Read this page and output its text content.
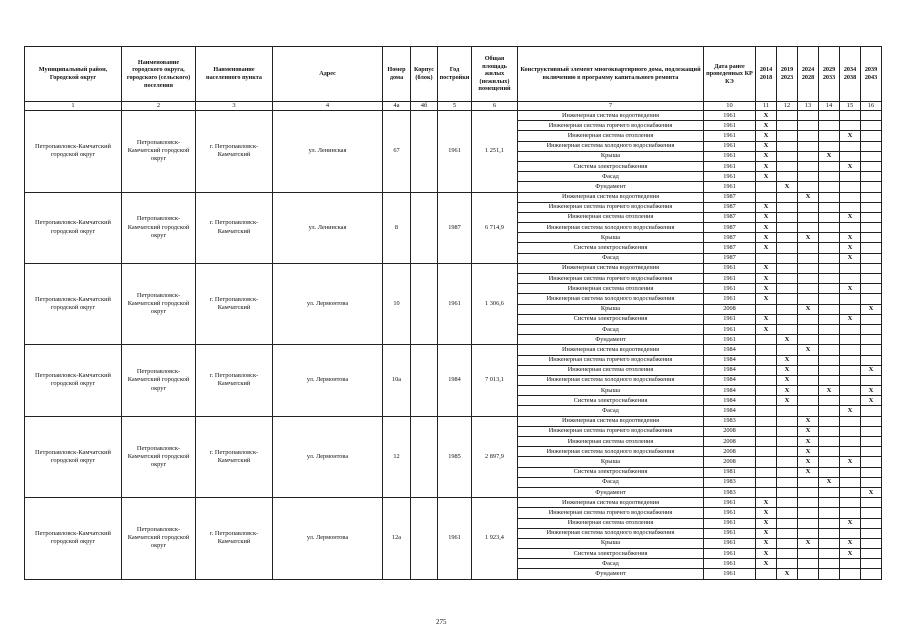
Муниципальный район, Городской округ	Наименование городского округа, городского (сельского) поселения	Наименование населенного пункта	Адрес	Номер дома	Корпус (блок)	Год постройки	Общая площадь жилых (нежилых) помещений	Конструктивный элемент многоквартирного дома, подлежащий включению в программу капитального ремонта	Дата ранее проведенных КР КЭ	2014 2018	2019 2023	2024 2028	2029 2033	2034 2038	2039 2043
1	2	3	4	4а	4б	5	6	7	10	11	12	13	14	15	16
Петропавловск-Камчатский городской округ	Петропавловск-Камчатский городской округ	г. Петропавловск-Камчатский	ул. Ленинская	67		1961	1 251,1	Инженерная система водоотведения	1961	X					
								Инженерная система горячего водоснабжения	1961	X					
								Инженерная система отопления	1961	X				X	
								Инженерная система холодного водоснабжения	1961	X					
								Крыша	1961	X			X		
								Система электроснабжения	1961	X				X	
								Фасад	1961	X					
								Фундамент	1961		X				
Петропавловск-Камчатский городской округ	Петропавловск-Камчатский городской округ	г. Петропавловск-Камчатский	ул. Ленинская	8		1987	6 714,9	Инженерная система водоотведения	1987			X			
								Инженерная система горячего водоснабжения	1987	X					
								Инженерная система отопления	1987	X				X	
								Инженерная система холодного водоснабжения	1987	X					
								Крыша	1987	X		X		X	
								Система электроснабжения	1987	X				X	
								Фасад	1987					X	
Петропавловск-Камчатский городской округ	Петропавловск-Камчатский городской округ	г. Петропавловск-Камчатский	ул. Лермонтова	10		1961	1 306,6	Инженерная система водоотведения	1961	X					
								Инженерная система горячего водоснабжения	1961	X					
								Инженерная система отопления	1961	X				X	
								Инженерная система холодного водоснабжения	1961	X					
								Крыша	2008			X			X
								Система электроснабжения	1961	X				X	
								Фасад	1961	X					
								Фундамент	1961		X				
Петропавловск-Камчатский городской округ	Петропавловск-Камчатский городской округ	г. Петропавловск-Камчатский	ул. Лермонтова	10а		1984	7 013,1	Инженерная система водоотведения	1984			X			
								Инженерная система горячего водоснабжения	1984		X				
								Инженерная система отопления	1984		X				X
								Инженерная система холодного водоснабжения	1984		X				
								Крыша	1984		X		X		X
								Система электроснабжения	1984		X				X
								Фасад	1984					X	
Петропавловск-Камчатский городской округ	Петропавловск-Камчатский городской округ	г. Петропавловск-Камчатский	ул. Лермонтова	12		1985	2 897,9	Инженерная система водоотведения	1983			X			
								Инженерная система горячего водоснабжения	2008			X			
								Инженерная система отопления	2008			X			
								Инженерная система холодного водоснабжения	2008			X			
								Крыша	2008			X		X	
								Система электроснабжения	1981			X			
								Фасад	1983				X		
								Фундамент	1983						X
Петропавловск-Камчатский городской округ	Петропавловск-Камчатский городской округ	г. Петропавловск-Камчатский	ул. Лермонтова	12а		1961	1 923,4	Инженерная система водоотведения	1961	X					
								Инженерная система горячего водоснабжения	1961	X					
								Инженерная система отопления	1961	X				X	
								Инженерная система холодного водоснабжения	1961	X					
								Крыша	1961	X		X		X	
								Система электроснабжения	1961	X				X	
								Фасад	1961	X					
								Фундамент	1961		X				
275
